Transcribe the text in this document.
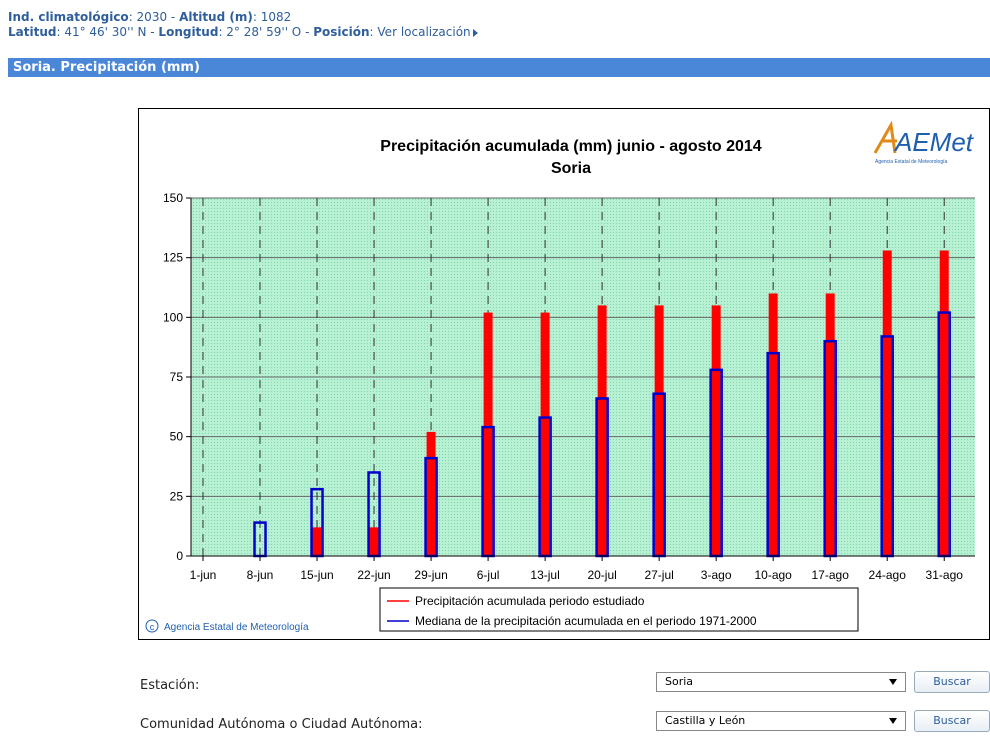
Ind. climatológico: 2030 - Altitud (m): 1082
Latitud: 41° 46' 30'' N - Longitud: 2° 28' 59'' O - Posición: Ver localización
Soria. Precipitación (mm)
0
25
50
75
100
125
150
1-jun	8-jun 15-jun 22-jun 29-jun 6-jul	13-jul 20-jul 27-jul 3-ago 10-ago 17-ago 24-ago 31-ago
Precipitación acumulada (mm) junio - agosto 2014
Soria
AEMet
Agencia Estatal de Meteorología
Precipitación acumulada periodo estudiado
Mediana de la precipitación acumulada en el periodo 1971-2000
c Agencia Estatal de Meteorología
Estación:	Soria	Buscar
Comunidad Autónoma o Ciudad Autónoma:	Castilla y León	Buscar
